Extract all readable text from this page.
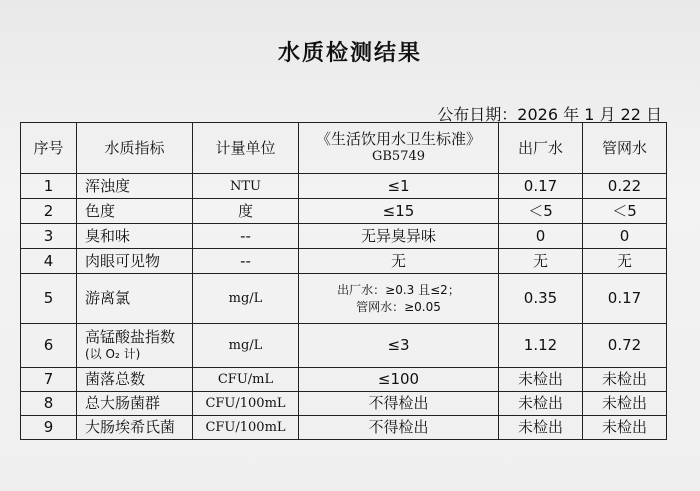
水质检测结果
公布日期：2026 年 1 月 22 日
序号	水质指标	计量单位	《生活饮用水卫生标准》
GB5749	出厂水	管网水
1	浑浊度	NTU	≤1	0.17	0.22
2	色度	度	≤15	＜5	＜5
3	臭和味	--	无异臭异味	0	0
4	肉眼可见物	--	无	无	无
5	游离氯	mg/L	出厂水：≥0.3 且≤2；
管网水：≥0.05	0.35	0.17
6	高锰酸盐指数
(以 O₂ 计)	mg/L	≤3	1.12	0.72
7	菌落总数	CFU/mL	≤100	未检出	未检出
8	总大肠菌群	CFU/100mL	不得检出	未检出	未检出
9	大肠埃希氏菌	CFU/100mL	不得检出	未检出	未检出
